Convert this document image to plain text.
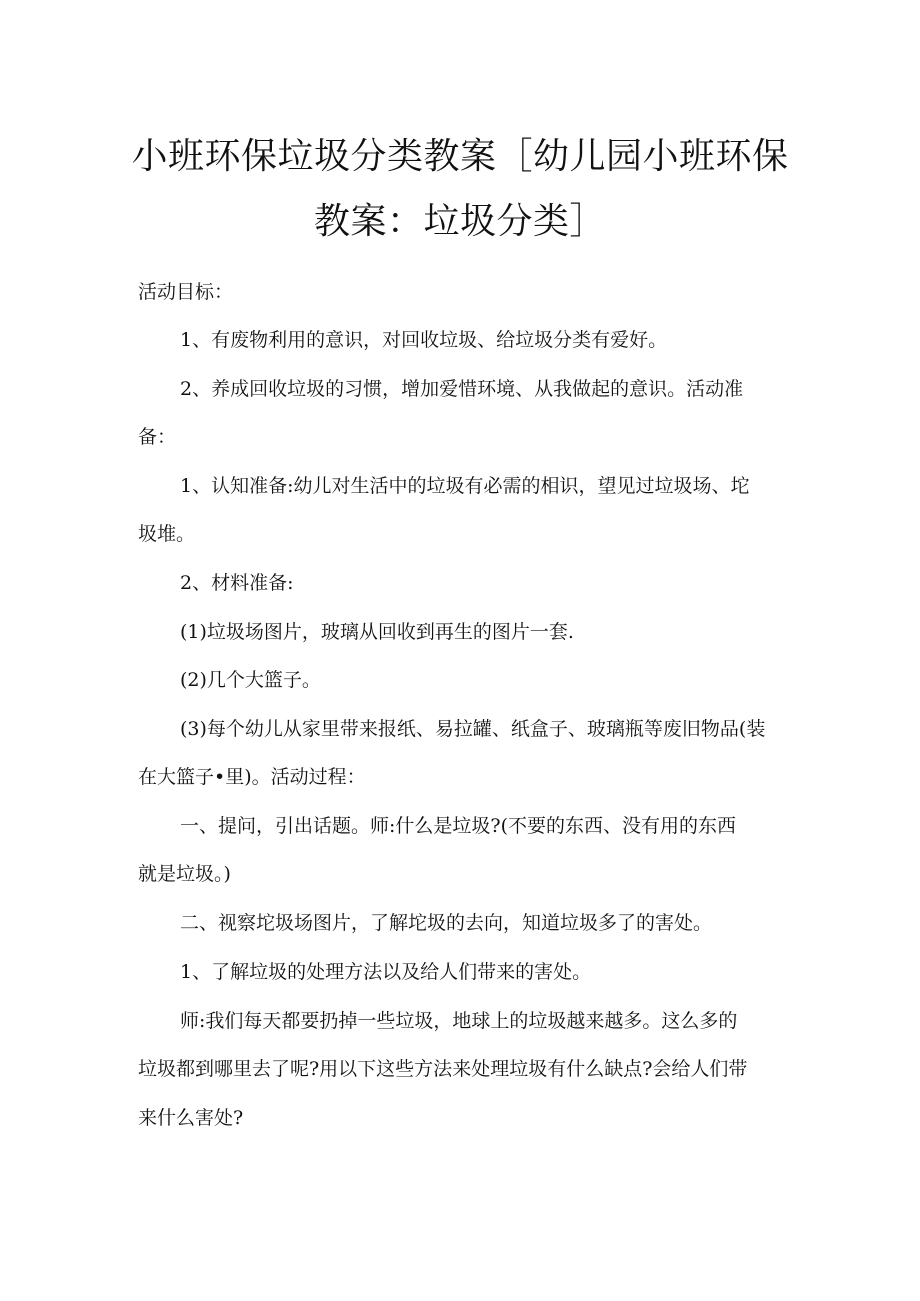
小班环保垃圾分类教案［幼儿园小班环保
教案：垃圾分类］
活动目标：
1、有废物利用的意识，对回收垃圾、给垃圾分类有爱好。
2、养成回收垃圾的习惯，增加爱惜环境、从我做起的意识。活动准
备：
1、认知准备:幼儿对生活中的垃圾有必需的相识，望见过垃圾场、坨
圾堆。
2、材料准备:
(1)垃圾场图片，玻璃从回收到再生的图片一套.
(2)几个大篮子。
(3)每个幼儿从家里带来报纸、易拉罐、纸盒子、玻璃瓶等废旧物品(装
在大篮子•里)。活动过程：
一、提问，引出话题。师:什么是垃圾?(不要的东西、没有用的东西
就是垃圾。)
二、视察坨圾场图片，了解坨圾的去向，知道垃圾多了的害处。
1、了解垃圾的处理方法以及给人们带来的害处。
师:我们每天都要扔掉一些垃圾，地球上的垃圾越来越多。这么多的
垃圾都到哪里去了呢?用以下这些方法来处理垃圾有什么缺点?会给人们带
来什么害处?
